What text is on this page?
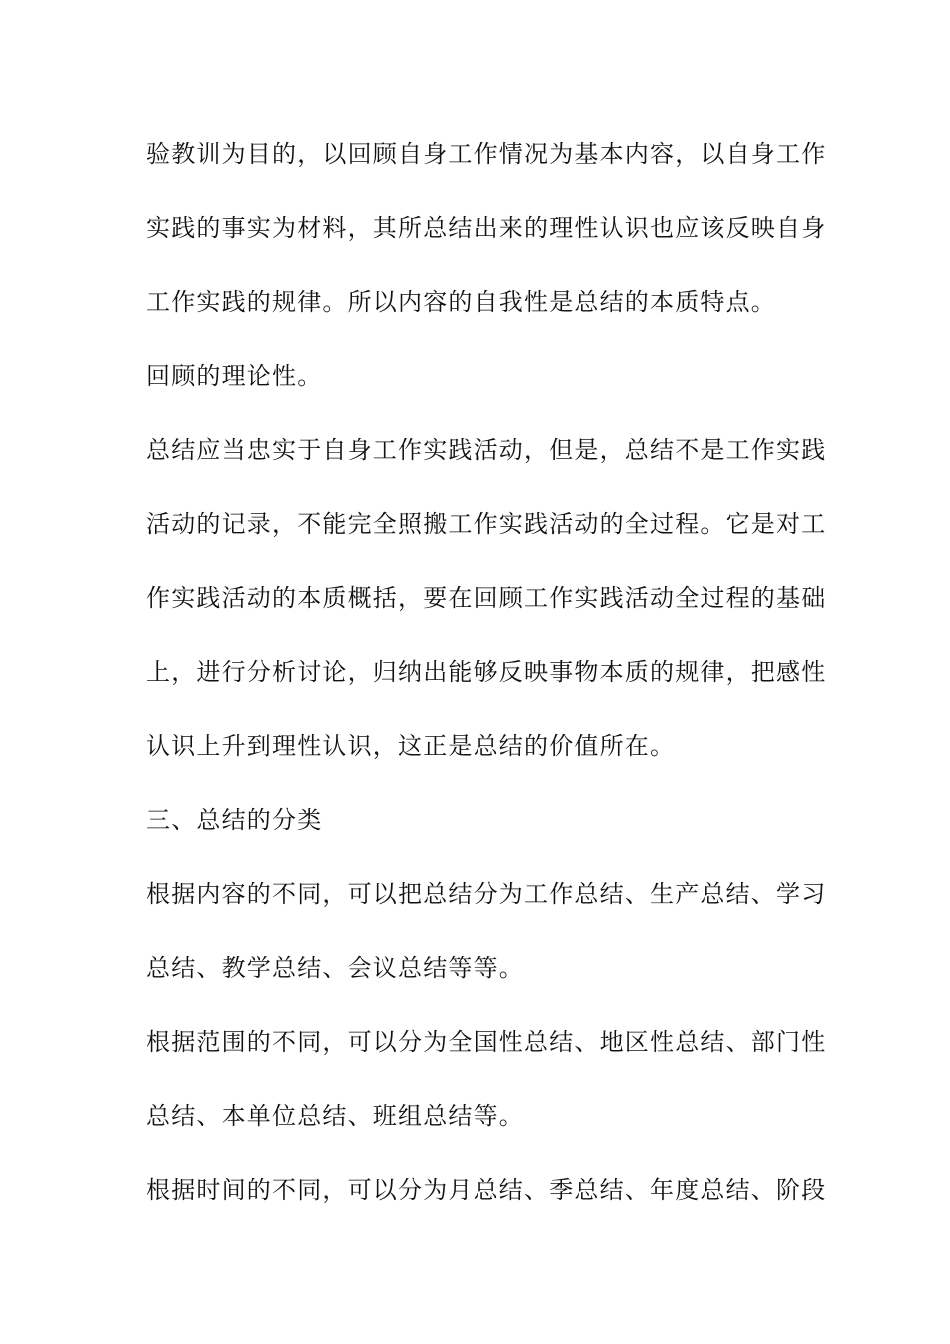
验教训为目的，以回顾自身工作情况为基本内容，以自身工作
实践的事实为材料，其所总结出来的理性认识也应该反映自身
工作实践的规律。所以内容的自我性是总结的本质特点。
回顾的理论性。
总结应当忠实于自身工作实践活动，但是，总结不是工作实践
活动的记录，不能完全照搬工作实践活动的全过程。它是对工
作实践活动的本质概括，要在回顾工作实践活动全过程的基础
上，进行分析讨论，归纳出能够反映事物本质的规律，把感性
认识上升到理性认识，这正是总结的价值所在。
三、总结的分类
根据内容的不同，可以把总结分为工作总结、生产总结、学习
总结、教学总结、会议总结等等。
根据范围的不同，可以分为全国性总结、地区性总结、部门性
总结、本单位总结、班组总结等。
根据时间的不同，可以分为月总结、季总结、年度总结、阶段
